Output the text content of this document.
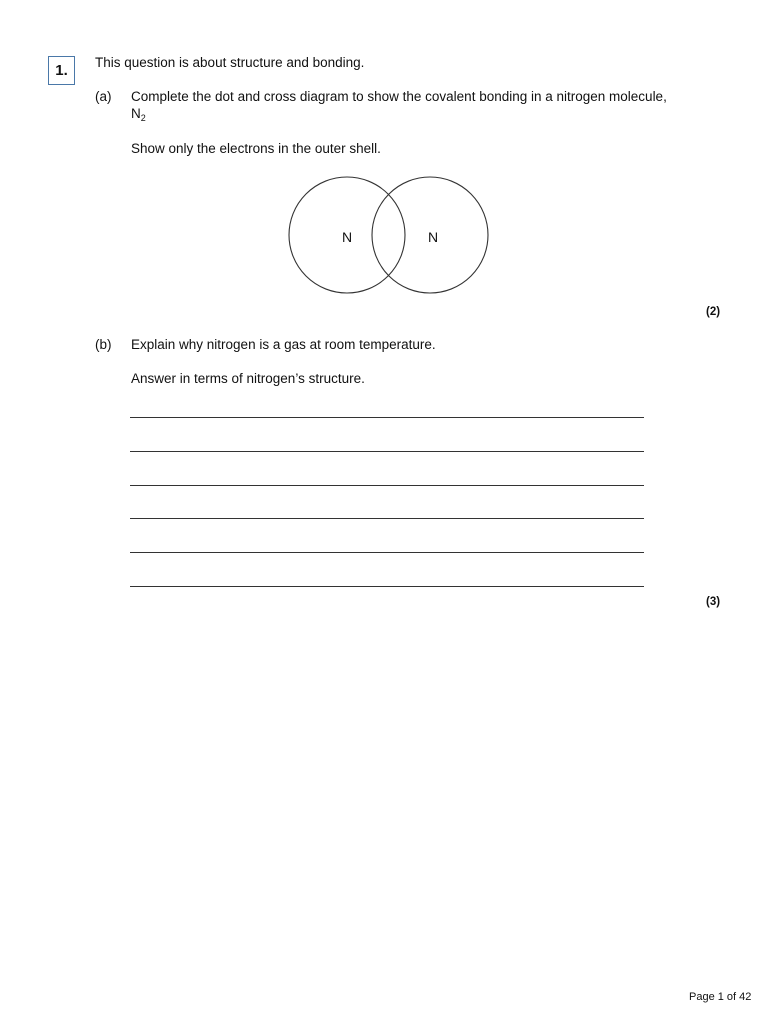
1.	This question is about structure and bonding.
(a) Complete the dot and cross diagram to show the covalent bonding in a nitrogen molecule,
$N_2$
Show only the electrons in the outer shell.
N	N
(2)
(b) Explain why nitrogen is a gas at room temperature.
Answer in terms of nitrogen’s structure.
(3)
Page 1 of 42
